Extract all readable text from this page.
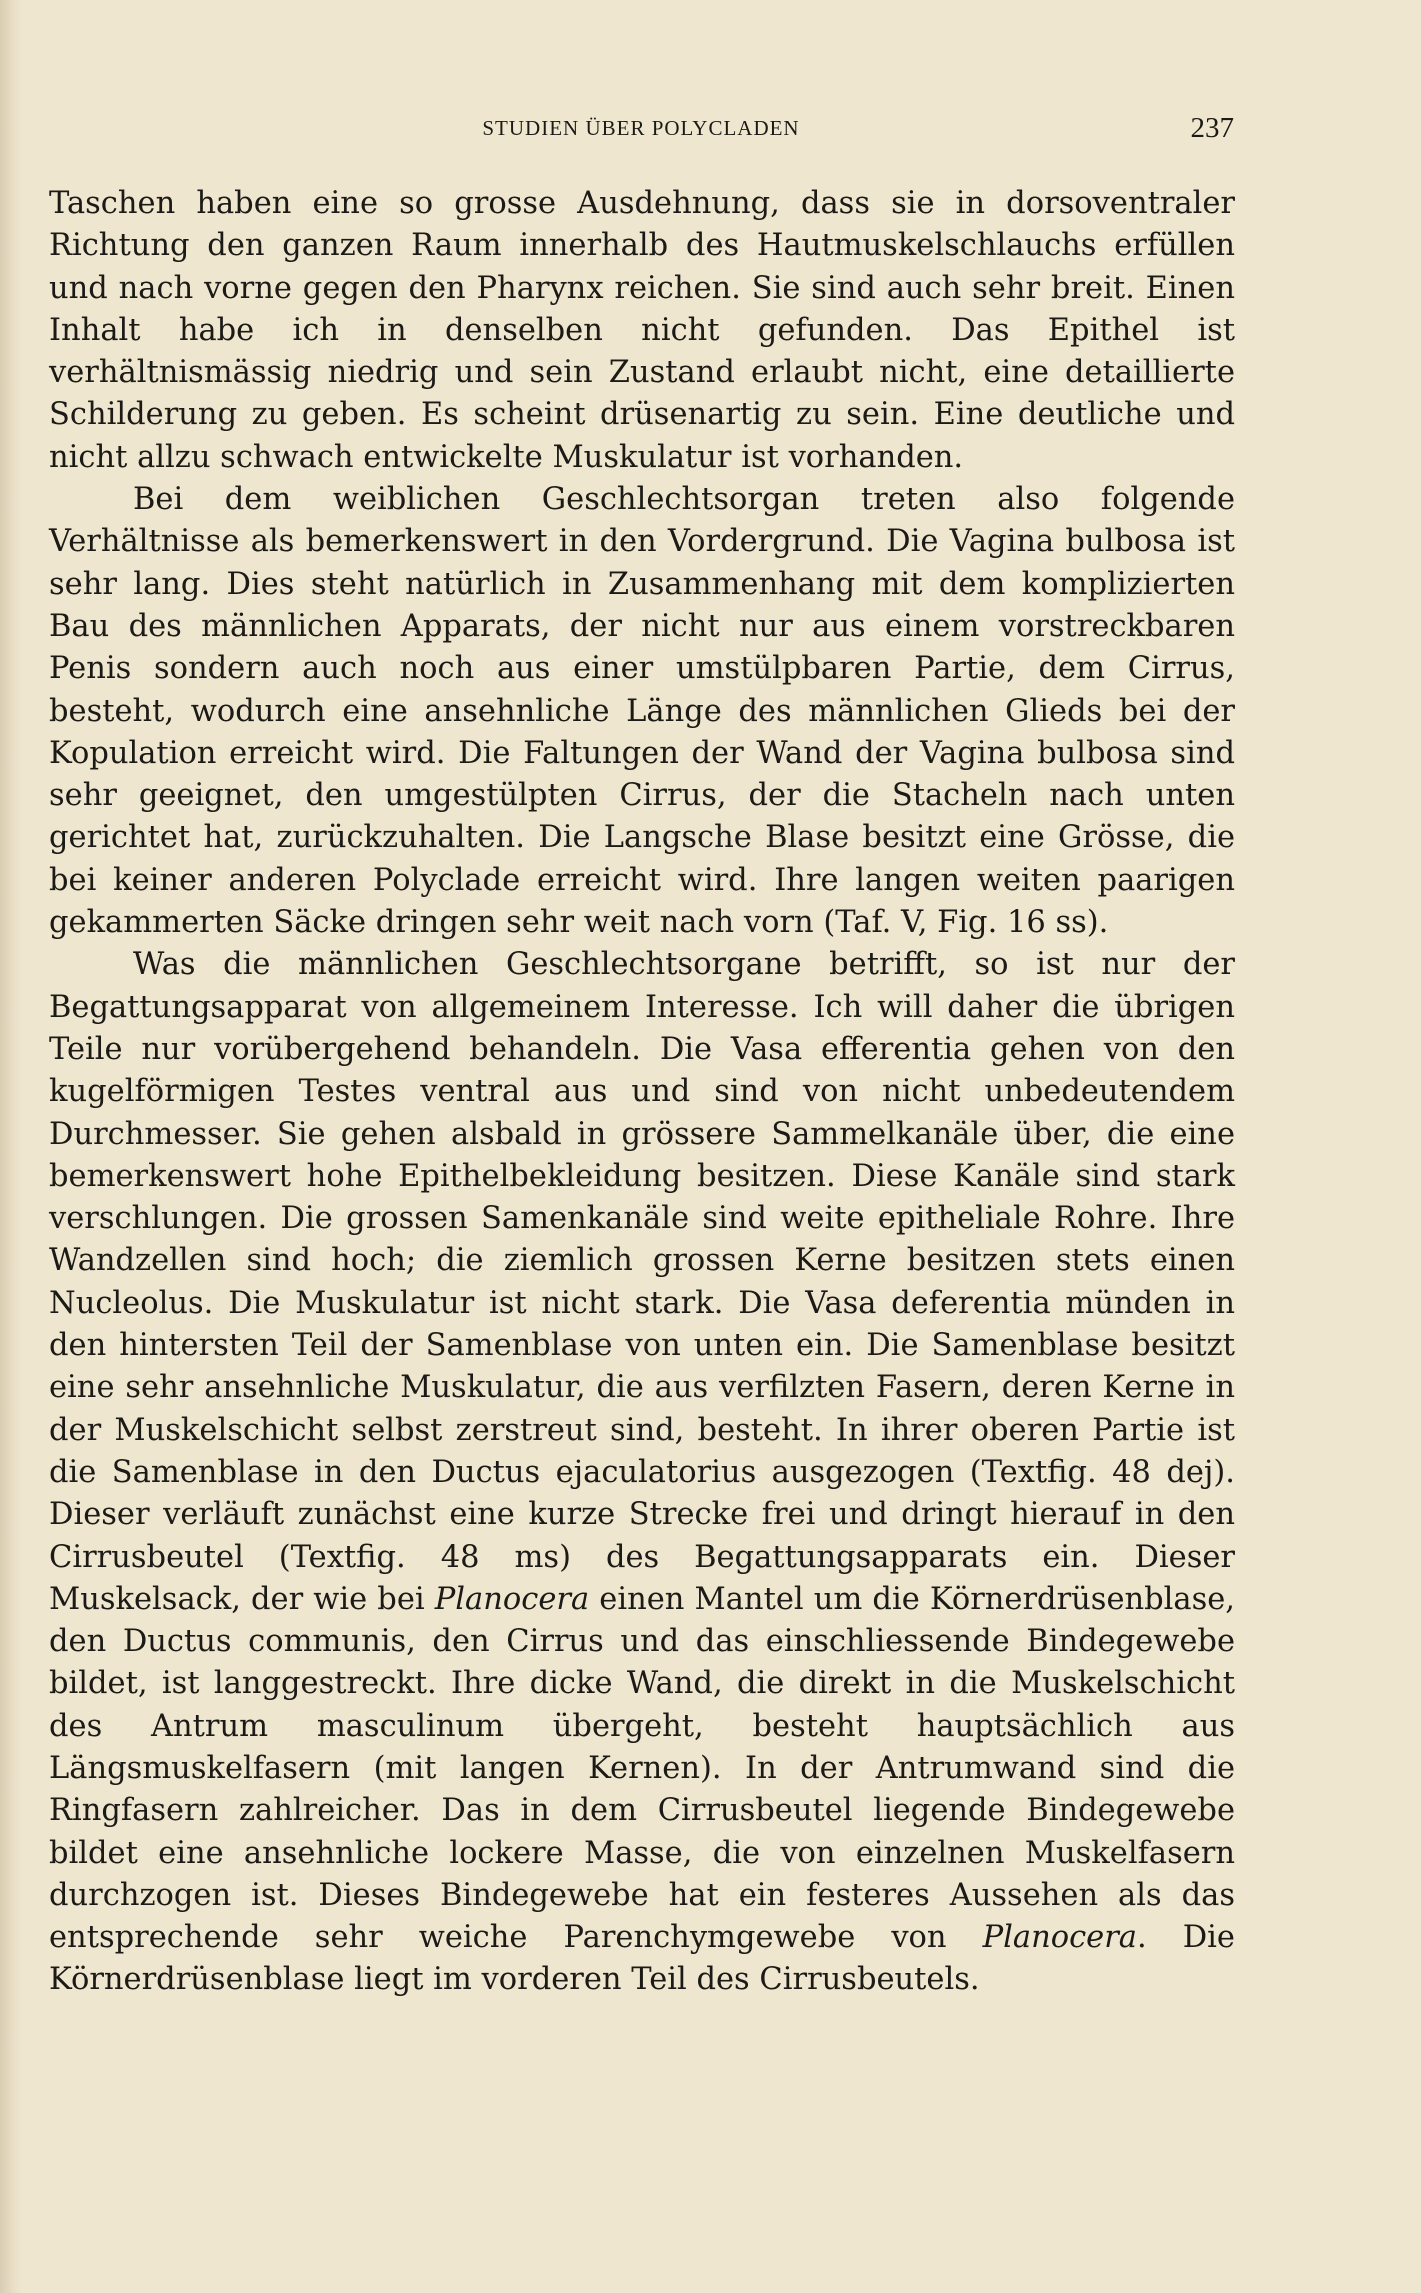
STUDIEN ÜBER POLYCLADEN	237

Taschen haben eine so grosse Ausdehnung, dass sie in dorsoventraler Richtung den ganzen Raum innerhalb des Hautmuskelschlauchs erfüllen und nach vorne gegen den Pharynx reichen. Sie sind auch sehr breit. Einen Inhalt habe ich in denselben nicht gefunden. Das Epithel ist verhältnismässig niedrig und sein Zustand erlaubt nicht, eine detaillierte Schilderung zu geben. Es scheint drüsenartig zu sein. Eine deutliche und nicht allzu schwach entwickelte Muskulatur ist vorhanden.

Bei dem weiblichen Geschlechtsorgan treten also folgende Verhältnisse als bemerkenswert in den Vordergrund. Die Vagina bulbosa ist sehr lang. Dies steht natürlich in Zusammenhang mit dem komplizierten Bau des männlichen Apparats, der nicht nur aus einem vorstreckbaren Penis sondern auch noch aus einer umstülpbaren Partie, dem Cirrus, besteht, wodurch eine ansehnliche Länge des männlichen Glieds bei der Kopulation erreicht wird. Die Faltungen der Wand der Vagina bulbosa sind sehr geeignet, den umgestülpten Cirrus, der die Stacheln nach unten gerichtet hat, zurückzuhalten. Die Langsche Blase besitzt eine Grösse, die bei keiner anderen Polyclade erreicht wird. Ihre langen weiten paarigen gekammerten Säcke dringen sehr weit nach vorn (Taf. V, Fig. 16 ss).

Was die männlichen Geschlechtsorgane betrifft, so ist nur der Begattungsapparat von allgemeinem Interesse. Ich will daher die übrigen Teile nur vorübergehend behandeln. Die Vasa efferentia gehen von den kugelförmigen Testes ventral aus und sind von nicht unbedeutendem Durchmesser. Sie gehen alsbald in grössere Sammelkanäle über, die eine bemerkenswert hohe Epithelbekleidung besitzen. Diese Kanäle sind stark verschlungen. Die grossen Samenkanäle sind weite epitheliale Rohre. Ihre Wandzellen sind hoch; die ziemlich grossen Kerne besitzen stets einen Nucleolus. Die Muskulatur ist nicht stark. Die Vasa deferentia münden in den hintersten Teil der Samenblase von unten ein. Die Samenblase besitzt eine sehr ansehnliche Muskulatur, die aus verfilzten Fasern, deren Kerne in der Muskelschicht selbst zerstreut sind, besteht. In ihrer oberen Partie ist die Samenblase in den Ductus ejaculatorius ausgezogen (Textfig. 48 dej). Dieser verläuft zunächst eine kurze Strecke frei und dringt hierauf in den Cirrusbeutel (Textfig. 48 ms) des Begattungsapparats ein. Dieser Muskelsack, der wie bei Planocera einen Mantel um die Körnerdrüsenblase, den Ductus communis, den Cirrus und das einschliessende Bindegewebe bildet, ist langgestreckt. Ihre dicke Wand, die direkt in die Muskelschicht des Antrum masculinum übergeht, besteht hauptsächlich aus Längsmuskelfasern (mit langen Kernen). In der Antrumwand sind die Ringfasern zahlreicher. Das in dem Cirrusbeutel liegende Bindegewebe bildet eine ansehnliche lockere Masse, die von einzelnen Muskelfasern durchzogen ist. Dieses Bindegewebe hat ein festeres Aussehen als das entsprechende sehr weiche Parenchymgewebe von Planocera. Die Körnerdrüsenblase liegt im vorderen Teil des Cirrusbeutels.
